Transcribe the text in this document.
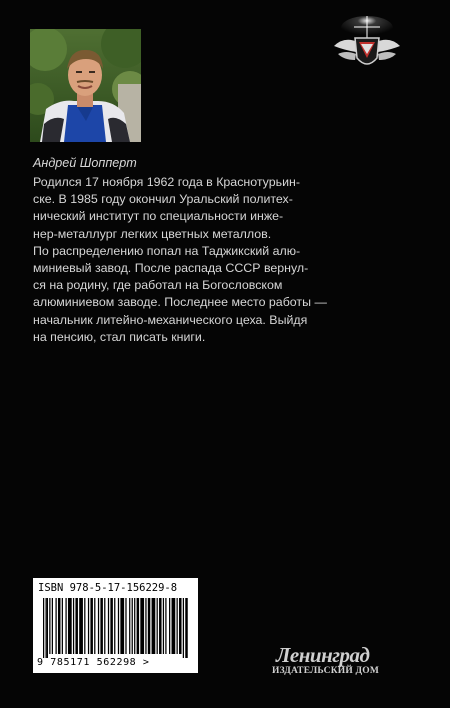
Андрей Шопперт
Родился 17 ноября 1962 года в Краснотурьин-
ске. В 1985 году окончил Уральский политех-
нический институт по специальности инже-
нер-металлург легких цветных металлов.
По распределению попал на Таджикский алю-
миниевый завод. После распада СССР вернул-
ся на родину, где работал на Богословском
алюминиевом заводе. Последнее место работы —
начальник литейно-механического цеха. Выйдя
на пенсию, стал писать книги.
ISBN 978-5-17-156229-8
9 785171 562298 >	Ленинград
ИЗДАТЕЛЬСКИЙ ДОМ
